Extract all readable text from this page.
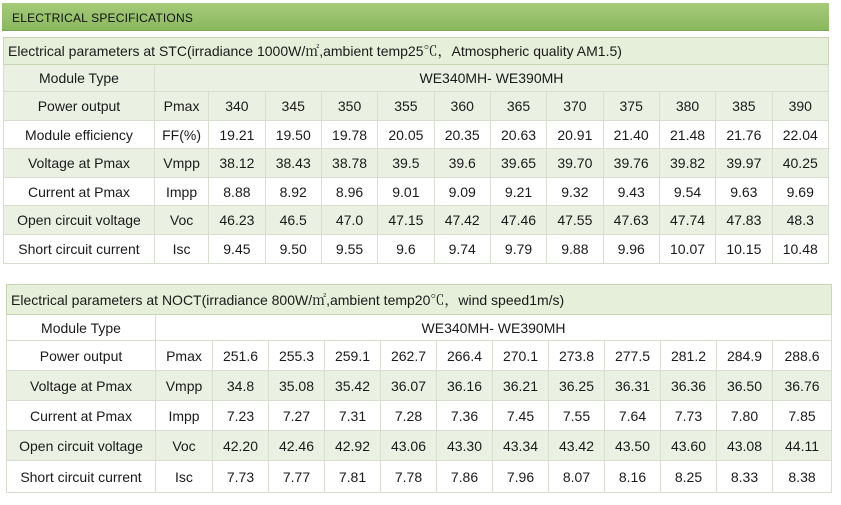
ELECTRICAL SPECIFICATIONS
Electrical parameters at STC(irradiance 1000W/㎡,ambient temp25℃，Atmospheric quality AM1.5)												
Module Type	WE340MH- WE390MH											
Power output	Pmax	340	345	350	355	360	365	370	375	380	385	390
Module efficiency	FF(%)	19.21	19.50	19.78	20.05	20.35	20.63	20.91	21.40	21.48	21.76	22.04
Voltage at Pmax	Vmpp	38.12	38.43	38.78	39.5	39.6	39.65	39.70	39.76	39.82	39.97	40.25
Current at Pmax	Impp	8.88	8.92	8.96	9.01	9.09	9.21	9.32	9.43	9.54	9.63	9.69
Open circuit voltage	Voc	46.23	46.5	47.0	47.15	47.42	47.46	47.55	47.63	47.74	47.83	48.3
Short circuit current	Isc	9.45	9.50	9.55	9.6	9.74	9.79	9.88	9.96	10.07	10.15	10.48
Electrical parameters at NOCT(irradiance 800W/㎡,ambient temp20℃，wind speed1m/s)												
Module Type	WE340MH- WE390MH											
Power output	Pmax	251.6	255.3	259.1	262.7	266.4	270.1	273.8	277.5	281.2	284.9	288.6
Voltage at Pmax	Vmpp	34.8	35.08	35.42	36.07	36.16	36.21	36.25	36.31	36.36	36.50	36.76
Current at Pmax	Impp	7.23	7.27	7.31	7.28	7.36	7.45	7.55	7.64	7.73	7.80	7.85
Open circuit voltage	Voc	42.20	42.46	42.92	43.06	43.30	43.34	43.42	43.50	43.60	43.08	44.11
Short circuit current	Isc	7.73	7.77	7.81	7.78	7.86	7.96	8.07	8.16	8.25	8.33	8.38
